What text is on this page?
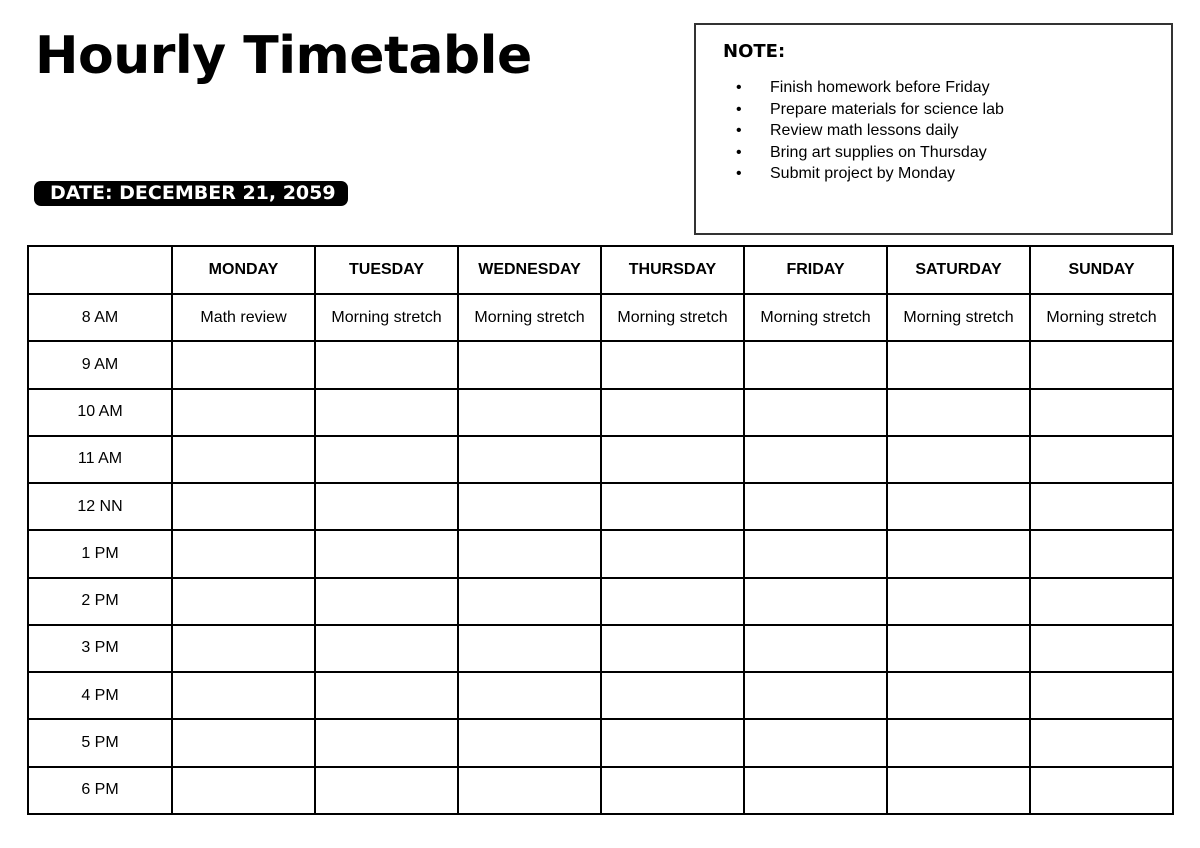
Hourly Timetable
DATE: DECEMBER 21, 2059
NOTE:
• Finish homework before Friday
• Prepare materials for science lab
• Review math lessons daily
• Bring art supplies on Thursday
• Submit project by Monday
	MONDAY	TUESDAY	WEDNESDAY	THURSDAY	FRIDAY	SATURDAY	SUNDAY
8 AM	Math review	Morning stretch	Morning stretch	Morning stretch	Morning stretch	Morning stretch	Morning stretch
9 AM							
10 AM							
11 AM							
12 NN							
1 PM							
2 PM							
3 PM							
4 PM							
5 PM							
6 PM							
